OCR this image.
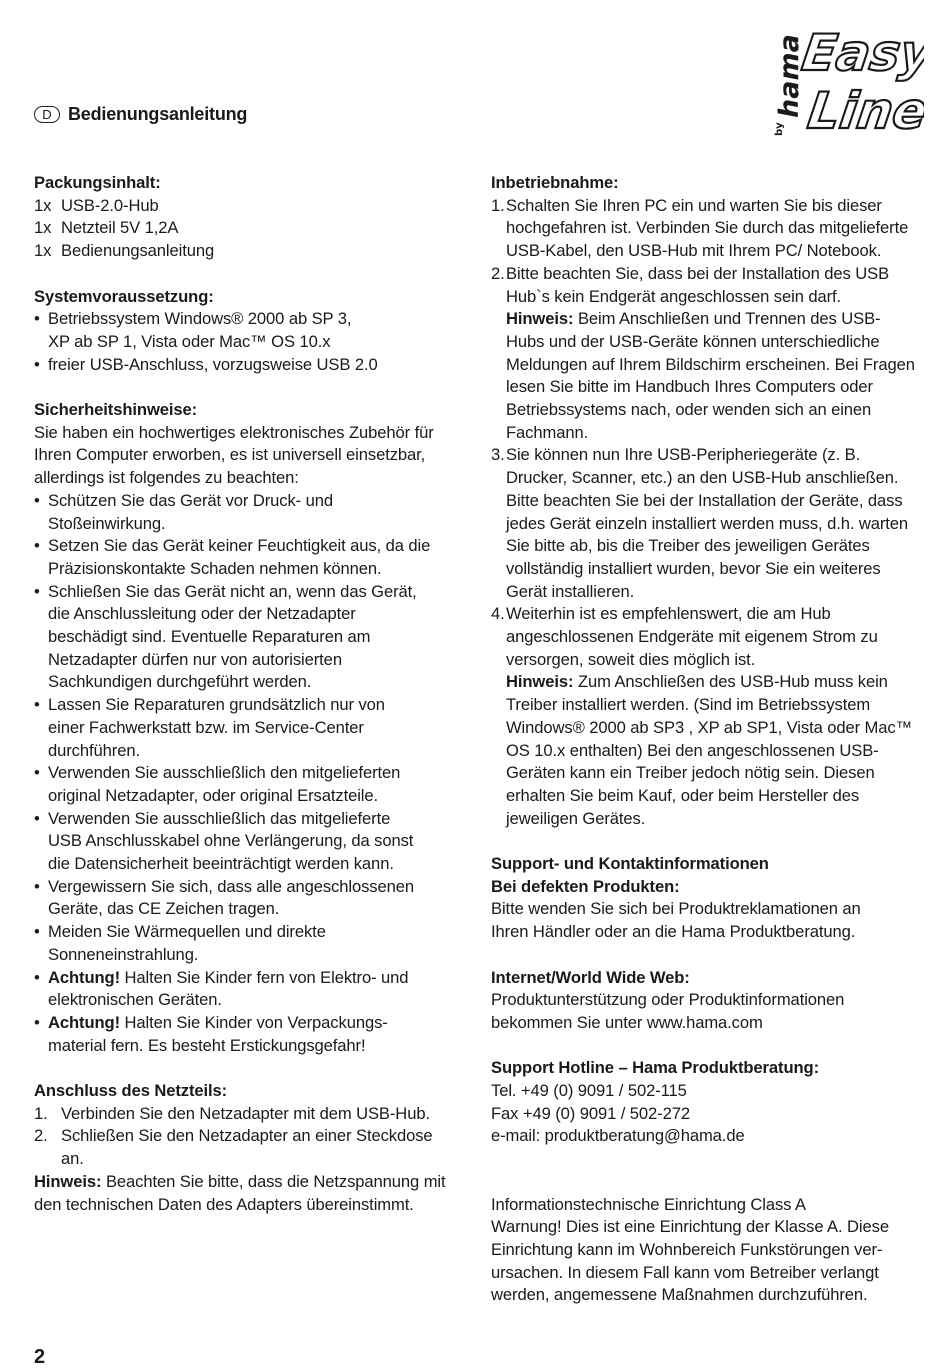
D Bedienungsanleitung
by
hama
Easy
Line
Packungsinhalt:
1x USB-2.0-Hub
1x Netzteil 5V 1,2A
1x Bedienungsanleitung
Systemvoraussetzung:
• Betriebssystem Windows® 2000 ab SP 3, XP ab SP 1, Vista oder Mac™ OS 10.x
• freier USB-Anschluss, vorzugsweise USB 2.0
Sicherheitshinweise:
Sie haben ein hochwertiges elektronisches Zubehör für Ihren Computer erworben, es ist universell einsetzbar, allerdings ist folgendes zu beachten:
• Schützen Sie das Gerät vor Druck- und Stoßeinwirkung.
• Setzen Sie das Gerät keiner Feuchtigkeit aus, da die Präzisionskontakte Schaden nehmen können.
• Schließen Sie das Gerät nicht an, wenn das Gerät, die Anschlussleitung oder der Netzadapter beschädigt sind. Eventuelle Reparaturen am Netzadapter dürfen nur von autorisierten Sachkundigen durchgeführt werden.
• Lassen Sie Reparaturen grundsätzlich nur von einer Fachwerkstatt bzw. im Service-Center durchführen.
• Verwenden Sie ausschließlich den mitgelieferten original Netzadapter, oder original Ersatzteile.
• Verwenden Sie ausschließlich das mitgelieferte USB Anschlusskabel ohne Verlängerung, da sonst die Datensicherheit beeinträchtigt werden kann.
• Vergewissern Sie sich, dass alle angeschlossenen Geräte, das CE Zeichen tragen.
• Meiden Sie Wärmequellen und direkte Sonneneinstrahlung.
• Achtung! Halten Sie Kinder fern von Elektro- und elektronischen Geräten.
• Achtung! Halten Sie Kinder von Verpackungs-material fern. Es besteht Erstickungsgefahr!
Anschluss des Netzteils:
1. Verbinden Sie den Netzadapter mit dem USB-Hub.
2. Schließen Sie den Netzadapter an einer Steckdose an.
Hinweis: Beachten Sie bitte, dass die Netzspannung mit den technischen Daten des Adapters übereinstimmt.
Inbetriebnahme:
1. Schalten Sie Ihren PC ein und warten Sie bis dieser hochgefahren ist. Verbinden Sie durch das mitgelieferte USB-Kabel, den USB-Hub mit Ihrem PC/ Notebook.
2. Bitte beachten Sie, dass bei der Installation des USB Hub`s kein Endgerät angeschlossen sein darf.
Hinweis: Beim Anschließen und Trennen des USB-Hubs und der USB-Geräte können unterschiedliche Meldungen auf Ihrem Bildschirm erscheinen. Bei Fragen lesen Sie bitte im Handbuch Ihres Computers oder Betriebssystems nach, oder wenden sich an einen Fachmann.
3. Sie können nun Ihre USB-Peripheriegeräte (z. B. Drucker, Scanner, etc.) an den USB-Hub anschließen. Bitte beachten Sie bei der Installation der Geräte, dass jedes Gerät einzeln installiert werden muss, d.h. warten Sie bitte ab, bis die Treiber des jeweiligen Gerätes vollständig installiert wurden, bevor Sie ein weiteres Gerät installieren.
4. Weiterhin ist es empfehlenswert, die am Hub angeschlossenen Endgeräte mit eigenem Strom zu versorgen, soweit dies möglich ist.
Hinweis: Zum Anschließen des USB-Hub muss kein Treiber installiert werden. (Sind im Betriebssystem Windows® 2000 ab SP3 , XP ab SP1, Vista oder Mac™ OS 10.x enthalten) Bei den angeschlossenen USB-Geräten kann ein Treiber jedoch nötig sein. Diesen erhalten Sie beim Kauf, oder beim Hersteller des jeweiligen Gerätes.
Support- und Kontaktinformationen
Bei defekten Produkten:
Bitte wenden Sie sich bei Produktreklamationen an Ihren Händler oder an die Hama Produktberatung.
Internet/World Wide Web:
Produktunterstützung oder Produktinformationen bekommen Sie unter www.hama.com
Support Hotline – Hama Produktberatung:
Tel. +49 (0) 9091 / 502-115
Fax +49 (0) 9091 / 502-272
e-mail: produktberatung@hama.de
Informationstechnische Einrichtung Class A
Warnung! Dies ist eine Einrichtung der Klasse A. Diese Einrichtung kann im Wohnbereich Funkstörungen ver-ursachen. In diesem Fall kann vom Betreiber verlangt werden, angemessene Maßnahmen durchzuführen.
2
